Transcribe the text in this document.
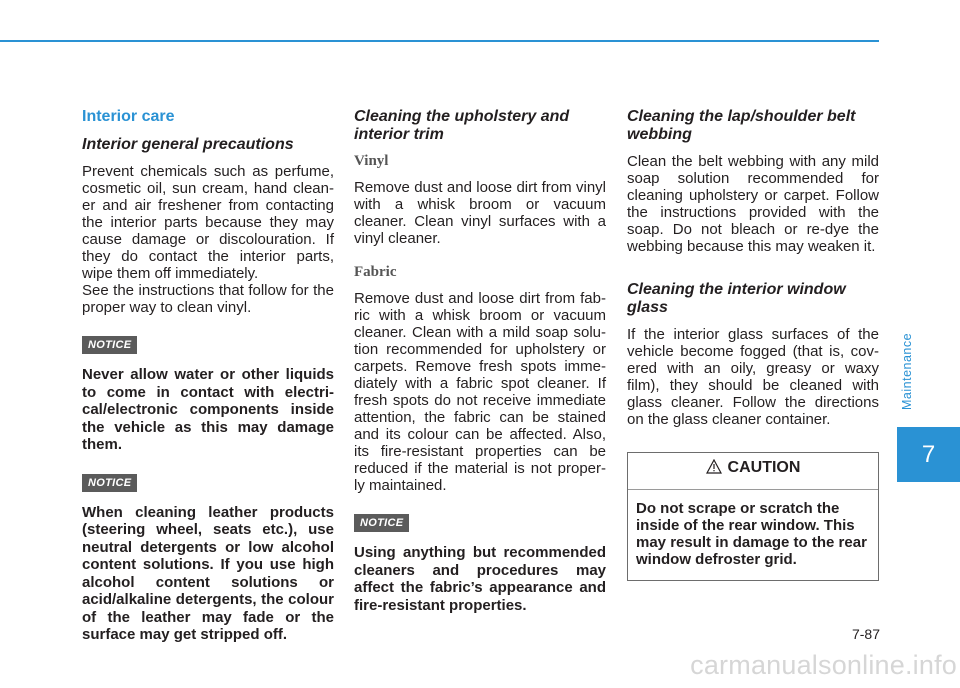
Interior care
Interior general precautions

Prevent chemicals such as perfume, cosmetic oil, sun cream, hand clean- er and air freshener from contacting the interior parts because they may cause damage or discolouration. If they do contact the interior parts, wipe them off immediately.

See the instructions that follow for the proper way to clean vinyl.

NOTICE

Never allow water or other liquids to come in contact with electri- cal/electronic components inside the vehicle as this may damage them.

NOTICE

When cleaning leather products (steering wheel, seats etc.), use neutral detergents or low alcohol content solutions. If you use high alcohol content solutions or acid/alkaline detergents, the colour of the leather may fade or the surface may get stripped off.

Cleaning the upholstery and interior trim
Vinyl

Remove dust and loose dirt from vinyl with a whisk broom or vacuum cleaner. Clean vinyl surfaces with a vinyl cleaner.

Fabric

Remove dust and loose dirt from fab- ric with a whisk broom or vacuum cleaner. Clean with a mild soap solu- tion recommended for upholstery or carpets. Remove fresh spots imme- diately with a fabric spot cleaner. If fresh spots do not receive immediate attention, the fabric can be stained and its colour can be affected. Also, its fire-resistant properties can be reduced if the material is not proper- ly maintained.

NOTICE

Using anything but recommended cleaners and procedures may affect the fabric’s appearance and fire-resistant properties.

Cleaning the lap/shoulder belt webbing

Clean the belt webbing with any mild soap solution recommended for cleaning upholstery or carpet. Follow the instructions provided with the soap. Do not bleach or re-dye the webbing because this may weaken it.

Cleaning the interior window glass

If the interior glass surfaces of the vehicle become fogged (that is, cov- ered with an oily, greasy or waxy film), they should be cleaned with glass cleaner. Follow the directions on the glass cleaner container.

CAUTION
Do not scrape or scratch the inside of the rear window. This may result in damage to the rear window defroster grid.
Maintenance
7
7-87
carmanualsonline.info
